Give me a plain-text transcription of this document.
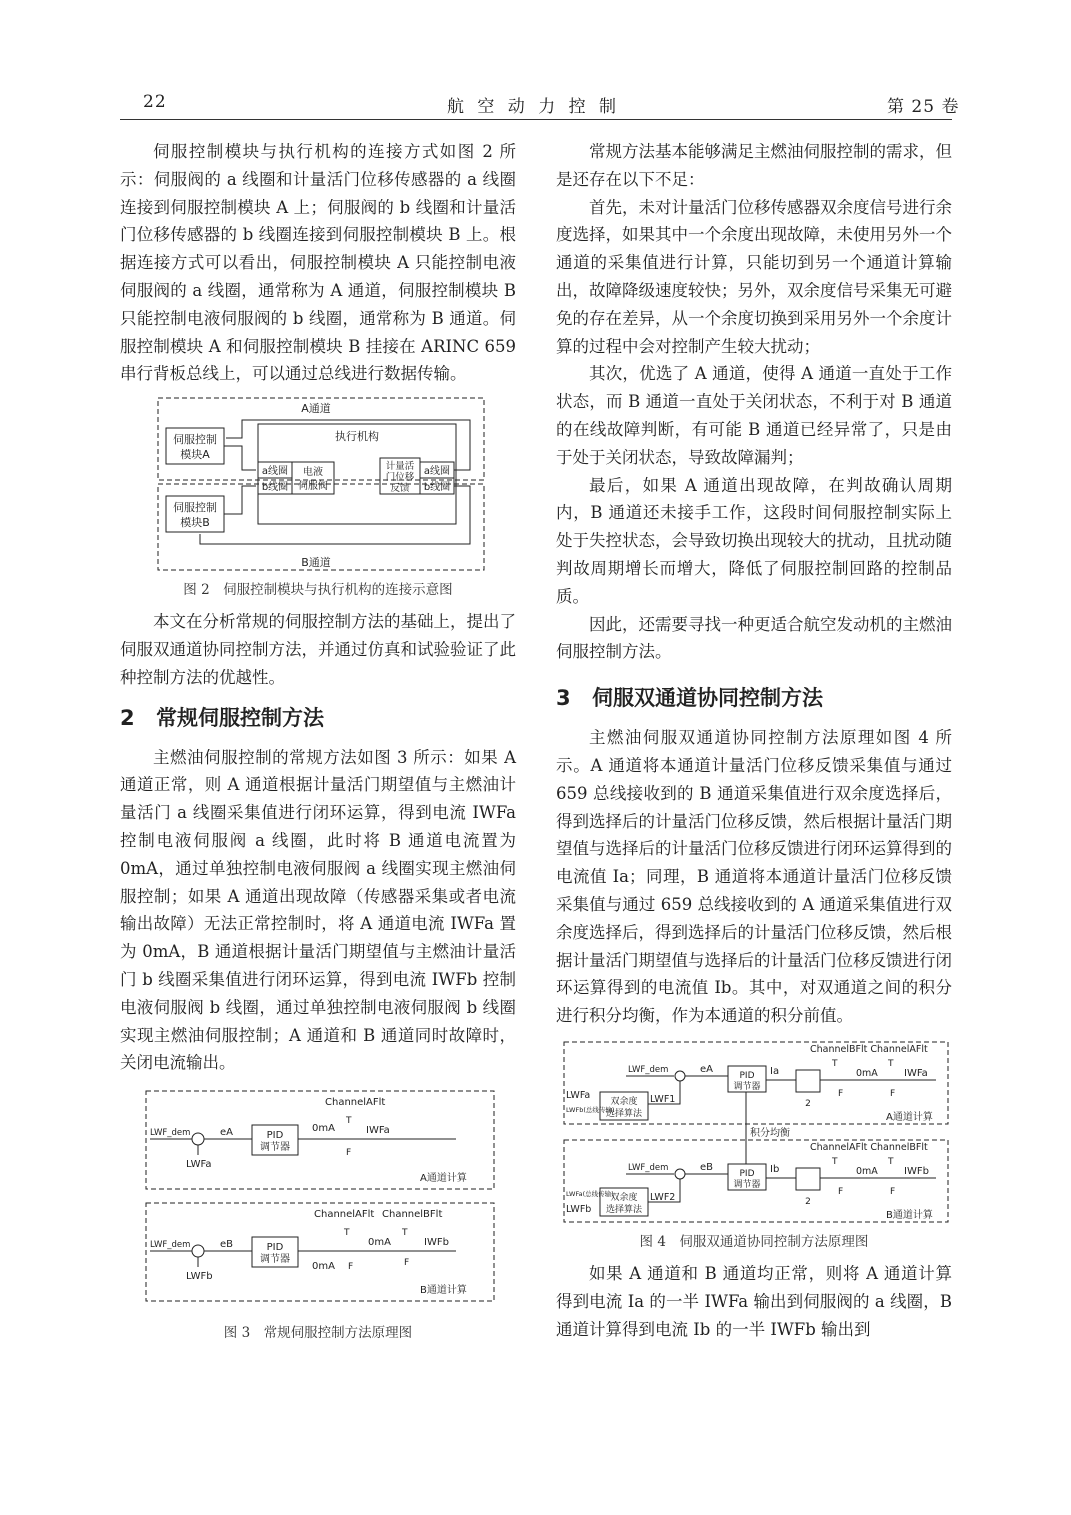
22	航 空 动 力 控 制	第 25 卷

伺服控制模块与执行机构的连接方式如图 2 所示：伺服阀的 a 线圈和计量活门位移传感器的 a 线圈连接到伺服控制模块 A 上；伺服阀的 b 线圈和计量活门位移传感器的 b 线圈连接到伺服控制模块 B 上。根据连接方式可以看出，伺服控制模块 A 只能控制电液伺服阀的 a 线圈，通常称为 A 通道，伺服控制模块 B 只能控制电液伺服阀的 b 线圈，通常称为 B 通道。伺服控制模块 A 和伺服控制模块 B 挂接在 ARINC 659 串行背板总线上，可以通过总线进行数据传输。

A通道
B通道
伺服控制
模块A
伺服控制
模块B
执行机构
a线圈
b线圈
电液
伺服阀
计量活
门位移
反馈
a线圈
b线圈
图 2　伺服控制模块与执行机构的连接示意图

本文在分析常规的伺服控制方法的基础上，提出了伺服双通道协同控制方法，并通过仿真和试验验证了此种控制方法的优越性。

2 常规伺服控制方法

主燃油伺服控制的常规方法如图 3 所示：如果 A 通道正常，则 A 通道根据计量活门期望值与主燃油计量活门 a 线圈采集值进行闭环运算，得到电流 IWFa 控制电液伺服阀 a 线圈，此时将 B 通道电流置为 0mA，通过单独控制电液伺服阀 a 线圈实现主燃油伺服控制；如果 A 通道出现故障（传感器采集或者电流输出故障）无法正常控制时，将 A 通道电流 IWFa 置为 0mA，B 通道根据计量活门期望值与主燃油计量活门 b 线圈采集值进行闭环运算，得到电流 IWFb 控制电液伺服阀 b 线圈，通过单独控制电液伺服阀 b 线圈实现主燃油伺服控制；A 通道和 B 通道同时故障时，关闭电流输出。

ChannelAFlt
LWF_dem
LWFa
eA	PID
调节器
0mA
T
F
IWFa
A通道计算
ChannelAFlt ChannelBFlt
LWF_dem
LWFb
eB	PID
调节器
0mA
T
F
0mA
T
F
IWFb
B通道计算
图 3　常规伺服控制方法原理图

常规方法基本能够满足主燃油伺服控制的需求，但是还存在以下不足：

首先，未对计量活门位移传感器双余度信号进行余度选择，如果其中一个余度出现故障，未使用另外一个通道的采集值进行计算，只能切到另一个通道计算输出，故障降级速度较快；另外，双余度信号采集无可避免的存在差异，从一个余度切换到采用另外一个余度计算的过程中会对控制产生较大扰动；

其次，优选了 A 通道，使得 A 通道一直处于工作状态，而 B 通道一直处于关闭状态，不利于对 B 通道的在线故障判断，有可能 B 通道已经异常了，只是由于处于关闭状态，导致故障漏判；

最后，如果 A 通道出现故障，在判故确认周期内，B 通道还未接手工作，这段时间伺服控制实际上处于失控状态，会导致切换出现较大的扰动，且扰动随判故周期增长而增大，降低了伺服控制回路的控制品质。

因此，还需要寻找一种更适合航空发动机的主燃油伺服控制方法。

3 伺服双通道协同控制方法

主燃油伺服双通道协同控制方法原理如图 4 所示。A 通道将本通道计量活门位移反馈采集值与通过 659 总线接收到的 B 通道采集值进行双余度选择后，得到选择后的计量活门位移反馈，然后根据计量活门期望值与选择后的计量活门位移反馈进行闭环运算得到的电流值 Ia；同理，B 通道将本通道计量活门位移反馈采集值与通过 659 总线接收到的 A 通道采集值进行双余度选择后，得到选择后的计量活门位移反馈，然后根据计量活门期望值与选择后的计量活门位移反馈进行闭环运算得到的电流值 Ib。其中，对双通道之间的积分进行积分均衡，作为本通道的积分前值。

ChannelBFlt ChannelAFlt
LWF_dem	eA
PID
调节器
Ia
2
T
F
0mA
T
F
IWFa
LWFa
LWFb(总线传输)
双余度
选择算法
LWF1
A通道计算
积分均衡
ChannelAFlt ChannelBFlt
LWF_dem	eB
PID
调节器
Ib
2
T
F
0mA
T
F
IWFb
LWFa(总线传输)
LWFb
双余度
选择算法
LWF2
B通道计算
图 4　伺服双通道协同控制方法原理图

如果 A 通道和 B 通道均正常，则将 A 通道计算得到电流 Ia 的一半 IWFa 输出到伺服阀的 a 线圈，B 通道计算得到电流 Ib 的一半 IWFb 输出到
